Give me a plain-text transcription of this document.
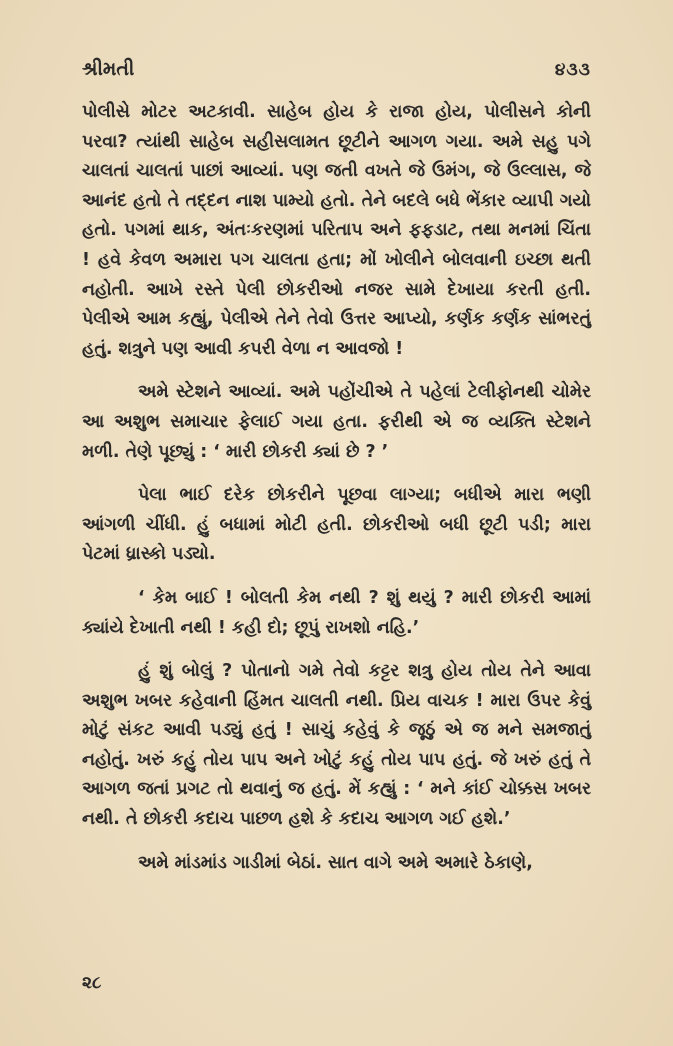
શ્રીમતી	૪૩૩

પોલીસે મોટર અટકાવી. સાહેબ હોય કે રાજા હોય, પોલીસને કોની પરવા? ત્યાંથી સાહેબ સહીસલામત છૂટીને આગળ ગયા. અમે સહુ પગે ચાલતાં ચાલતાં પાછાં આવ્યાં. પણ જતી વખતે જે ઉમંગ, જે ઉલ્લાસ, જે આનંદ હતો તે તદ્દન નાશ પામ્યો હતો. તેને બદલે બધે ભેંકાર વ્યાપી ગયો હતો. પગમાં થાક, અંતઃકરણમાં પરિતાપ અને ફફડાટ, તથા મનમાં ચિંતા ! હવે કેવળ અમારા પગ ચાલતા હતા; મોં ખોલીને બોલવાની ઇચ્છા થતી નહોતી. આખે રસ્તે પેલી છોકરીઓ નજર સામે દેખાયા કરતી હતી. પેલીએ આમ કહ્યું, પેલીએ તેને તેવો ઉત્તર આપ્યો, કર્ણક કર્ણક સાંભરતું હતું. શત્રુને પણ આવી કપરી વેળા ન આવજો !

અમે સ્ટેશને આવ્યાં. અમે પહોંચીએ તે પહેલાં ટેલીફોનથી ચોમેર આ અશુભ સમાચાર ફેલાઈ ગયા હતા. ફરીથી એ જ વ્યક્તિ સ્ટેશને મળી. તેણે પૂછ્યું : ‘ મારી છોકરી ક્યાં છે ? ’

પેલા ભાઈ દરેક છોકરીને પૂછવા લાગ્યા; બધીએ મારા ભણી આંગળી ચીંધી. હું બધામાં મોટી હતી. છોકરીઓ બધી છૂટી પડી; મારા પેટમાં ધ્રાસ્કો પડ્યો.

‘ કેમ બાઈ ! બોલતી કેમ નથી ? શું થયું ? મારી છોકરી આમાં ક્યાંયે દેખાતી નથી ! કહી દો; છૂપું રાખશો નહિ.’

હું શું બોલું ? પોતાનો ગમે તેવો કટ્ટર શત્રુ હોય તોય તેને આવા અશુભ ખબર કહેવાની હિંમત ચાલતી નથી. પ્રિય વાચક ! મારા ઉપર કેવું મોટું સંકટ આવી પડ્યું હતું ! સાચું કહેવું કે જૂઠું એ જ મને સમજાતું નહોતું. ખરું કહું તોય પાપ અને ખોટું કહું તોય પાપ હતું. જે ખરું હતું તે આગળ જતાં પ્રગટ તો થવાનું જ હતું. મેં કહ્યું : ‘ મને કાંઈ ચોક્કસ ખબર નથી. તે છોકરી કદાચ પાછળ હશે કે કદાચ આગળ ગઈ હશે.’

અમે માંડમાંડ ગાડીમાં બેઠાં. સાત વાગે અમે અમારે ઠેકાણે,

૨૮
